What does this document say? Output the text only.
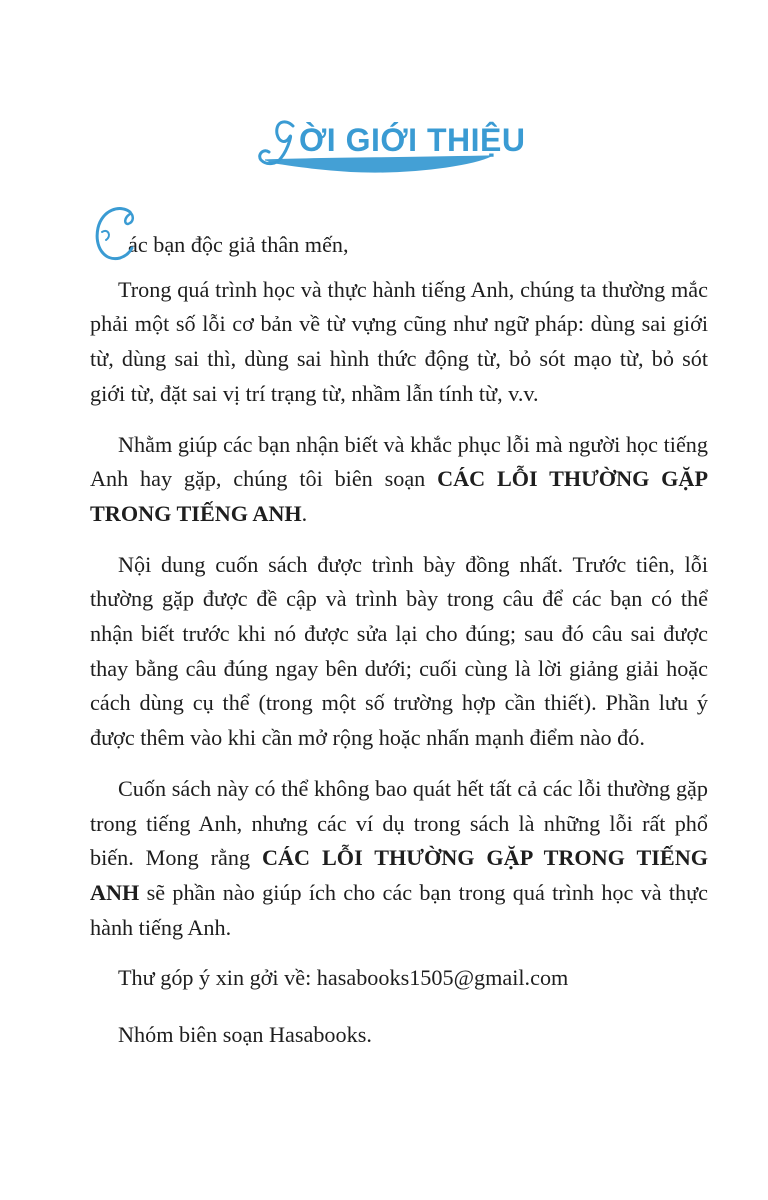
ỜI GIỚI THIỆU

ác bạn độc giả thân mến,

Trong quá trình học và thực hành tiếng Anh, chúng ta thường mắc phải một số lỗi cơ bản về từ vựng cũng như ngữ pháp: dùng sai giới từ, dùng sai thì, dùng sai hình thức động từ, bỏ sót mạo từ, bỏ sót giới từ, đặt sai vị trí trạng từ, nhầm lẫn tính từ, v.v.

Nhằm giúp các bạn nhận biết và khắc phục lỗi mà người học tiếng Anh hay gặp, chúng tôi biên soạn CÁC LỖI THƯỜNG GẶP TRONG TIẾNG ANH.

Nội dung cuốn sách được trình bày đồng nhất. Trước tiên, lỗi thường gặp được đề cập và trình bày trong câu để các bạn có thể nhận biết trước khi nó được sửa lại cho đúng; sau đó câu sai được thay bằng câu đúng ngay bên dưới; cuối cùng là lời giảng giải hoặc cách dùng cụ thể (trong một số trường hợp cần thiết). Phần lưu ý được thêm vào khi cần mở rộng hoặc nhấn mạnh điểm nào đó.

Cuốn sách này có thể không bao quát hết tất cả các lỗi thường gặp trong tiếng Anh, nhưng các ví dụ trong sách là những lỗi rất phổ biến. Mong rằng CÁC LỖI THƯỜNG GẶP TRONG TIẾNG ANH sẽ phần nào giúp ích cho các bạn trong quá trình học và thực hành tiếng Anh.

Thư góp ý xin gởi về: hasabooks1505@gmail.com

Nhóm biên soạn Hasabooks.
